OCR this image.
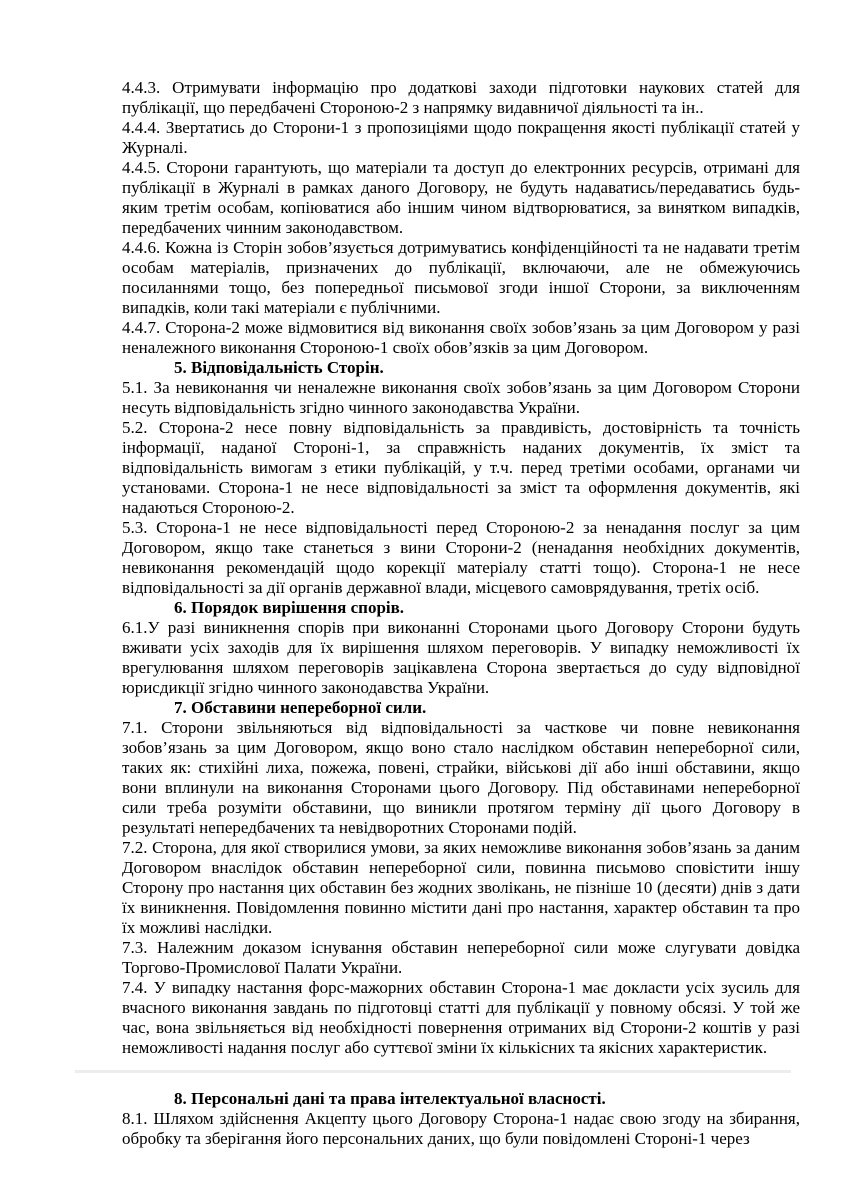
4.4.3. Отримувати інформацію про додаткові заходи підготовки наукових статей для публікації, що передбачені Стороною-2 з напрямку видавничої діяльності та ін..

4.4.4. Звертатись до Сторони-1 з пропозиціями щодо покращення якості публікації статей у Журналі.

4.4.5. Сторони гарантують, що матеріали та доступ до електронних ресурсів, отримані для публікації в Журналі в рамках даного Договору, не будуть надаватись/передаватись будь-яким третім особам, копіюватися або іншим чином відтворюватися, за винятком випадків, передбачених чинним законодавством.

4.4.6. Кожна із Сторін зобов’язується дотримуватись конфіденційності та не надавати третім особам матеріалів, призначених до публікації, включаючи, але не обмежуючись посиланнями тощо, без попередньої письмової згоди іншої Сторони, за виключенням випадків, коли такі матеріали є публічними.

4.4.7. Сторона-2 може відмовитися від виконання своїх зобов’язань за цим Договором у разі неналежного виконання Стороною-1 своїх обов’язків за цим Договором.

5. Відповідальність Сторін.

5.1. За невиконання чи неналежне виконання своїх зобов’язань за цим Договором Сторони несуть відповідальність згідно чинного законодавства України.

5.2. Сторона-2 несе повну відповідальність за правдивість, достовірність та точність інформації, наданої Стороні-1, за справжність наданих документів, їх зміст та відповідальність вимогам з етики публікацій, у т.ч. перед третіми особами, органами чи установами. Сторона-1 не несе відповідальності за зміст та оформлення документів, які надаються Стороною-2.

5.3. Сторона-1 не несе відповідальності перед Стороною-2 за ненадання послуг за цим Договором, якщо таке станеться з вини Сторони-2 (ненадання необхідних документів, невиконання рекомендацій щодо корекції матеріалу статті тощо). Сторона-1 не несе відповідальності за дії органів державної влади, місцевого самоврядування, третіх осіб.

6. Порядок вирішення спорів.

6.1.У разі виникнення спорів при виконанні Сторонами цього Договору Сторони будуть вживати усіх заходів для їх вирішення шляхом переговорів. У випадку неможливості їх врегулювання шляхом переговорів зацікавлена Сторона звертається до суду відповідної юрисдикції згідно чинного законодавства України.

7. Обставини непереборної сили.

7.1. Сторони звільняються від відповідальності за часткове чи повне невиконання зобов’язань за цим Договором, якщо воно стало наслідком обставин непереборної сили, таких як: стихійні лиха, пожежа, повені, страйки, військові дії або інші обставини, якщо вони вплинули на виконання Сторонами цього Договору. Під обставинами непереборної сили треба розуміти обставини, що виникли протягом терміну дії цього Договору в результаті непередбачених та невідворотних Сторонами подій.

7.2. Сторона, для якої створилися умови, за яких неможливе виконання зобов’язань за даним Договором внаслідок обставин непереборної сили, повинна письмово сповістити іншу Сторону про настання цих обставин без жодних зволікань, не пізніше 10 (десяти) днів з дати їх виникнення. Повідомлення повинно містити дані про настання, характер обставин та про їх можливі наслідки.

7.3. Належним доказом існування обставин непереборної сили може слугувати довідка Торгово-Промислової Палати України.

7.4. У випадку настання форс-мажорних обставин Сторона-1 має докласти усіх зусиль для вчасного виконання завдань по підготовці статті для публікації у повному обсязі. У той же час, вона звільняється від необхідності повернення отриманих від Сторони-2 коштів у разі неможливості надання послуг або суттєвої зміни їх кількісних та якісних характеристик.

8. Персональні дані та права інтелектуальної власності.

8.1. Шляхом здійснення Акцепту цього Договору Сторона-1 надає свою згоду на збирання, обробку та зберігання його персональних даних, що були повідомлені Стороні-1 через
